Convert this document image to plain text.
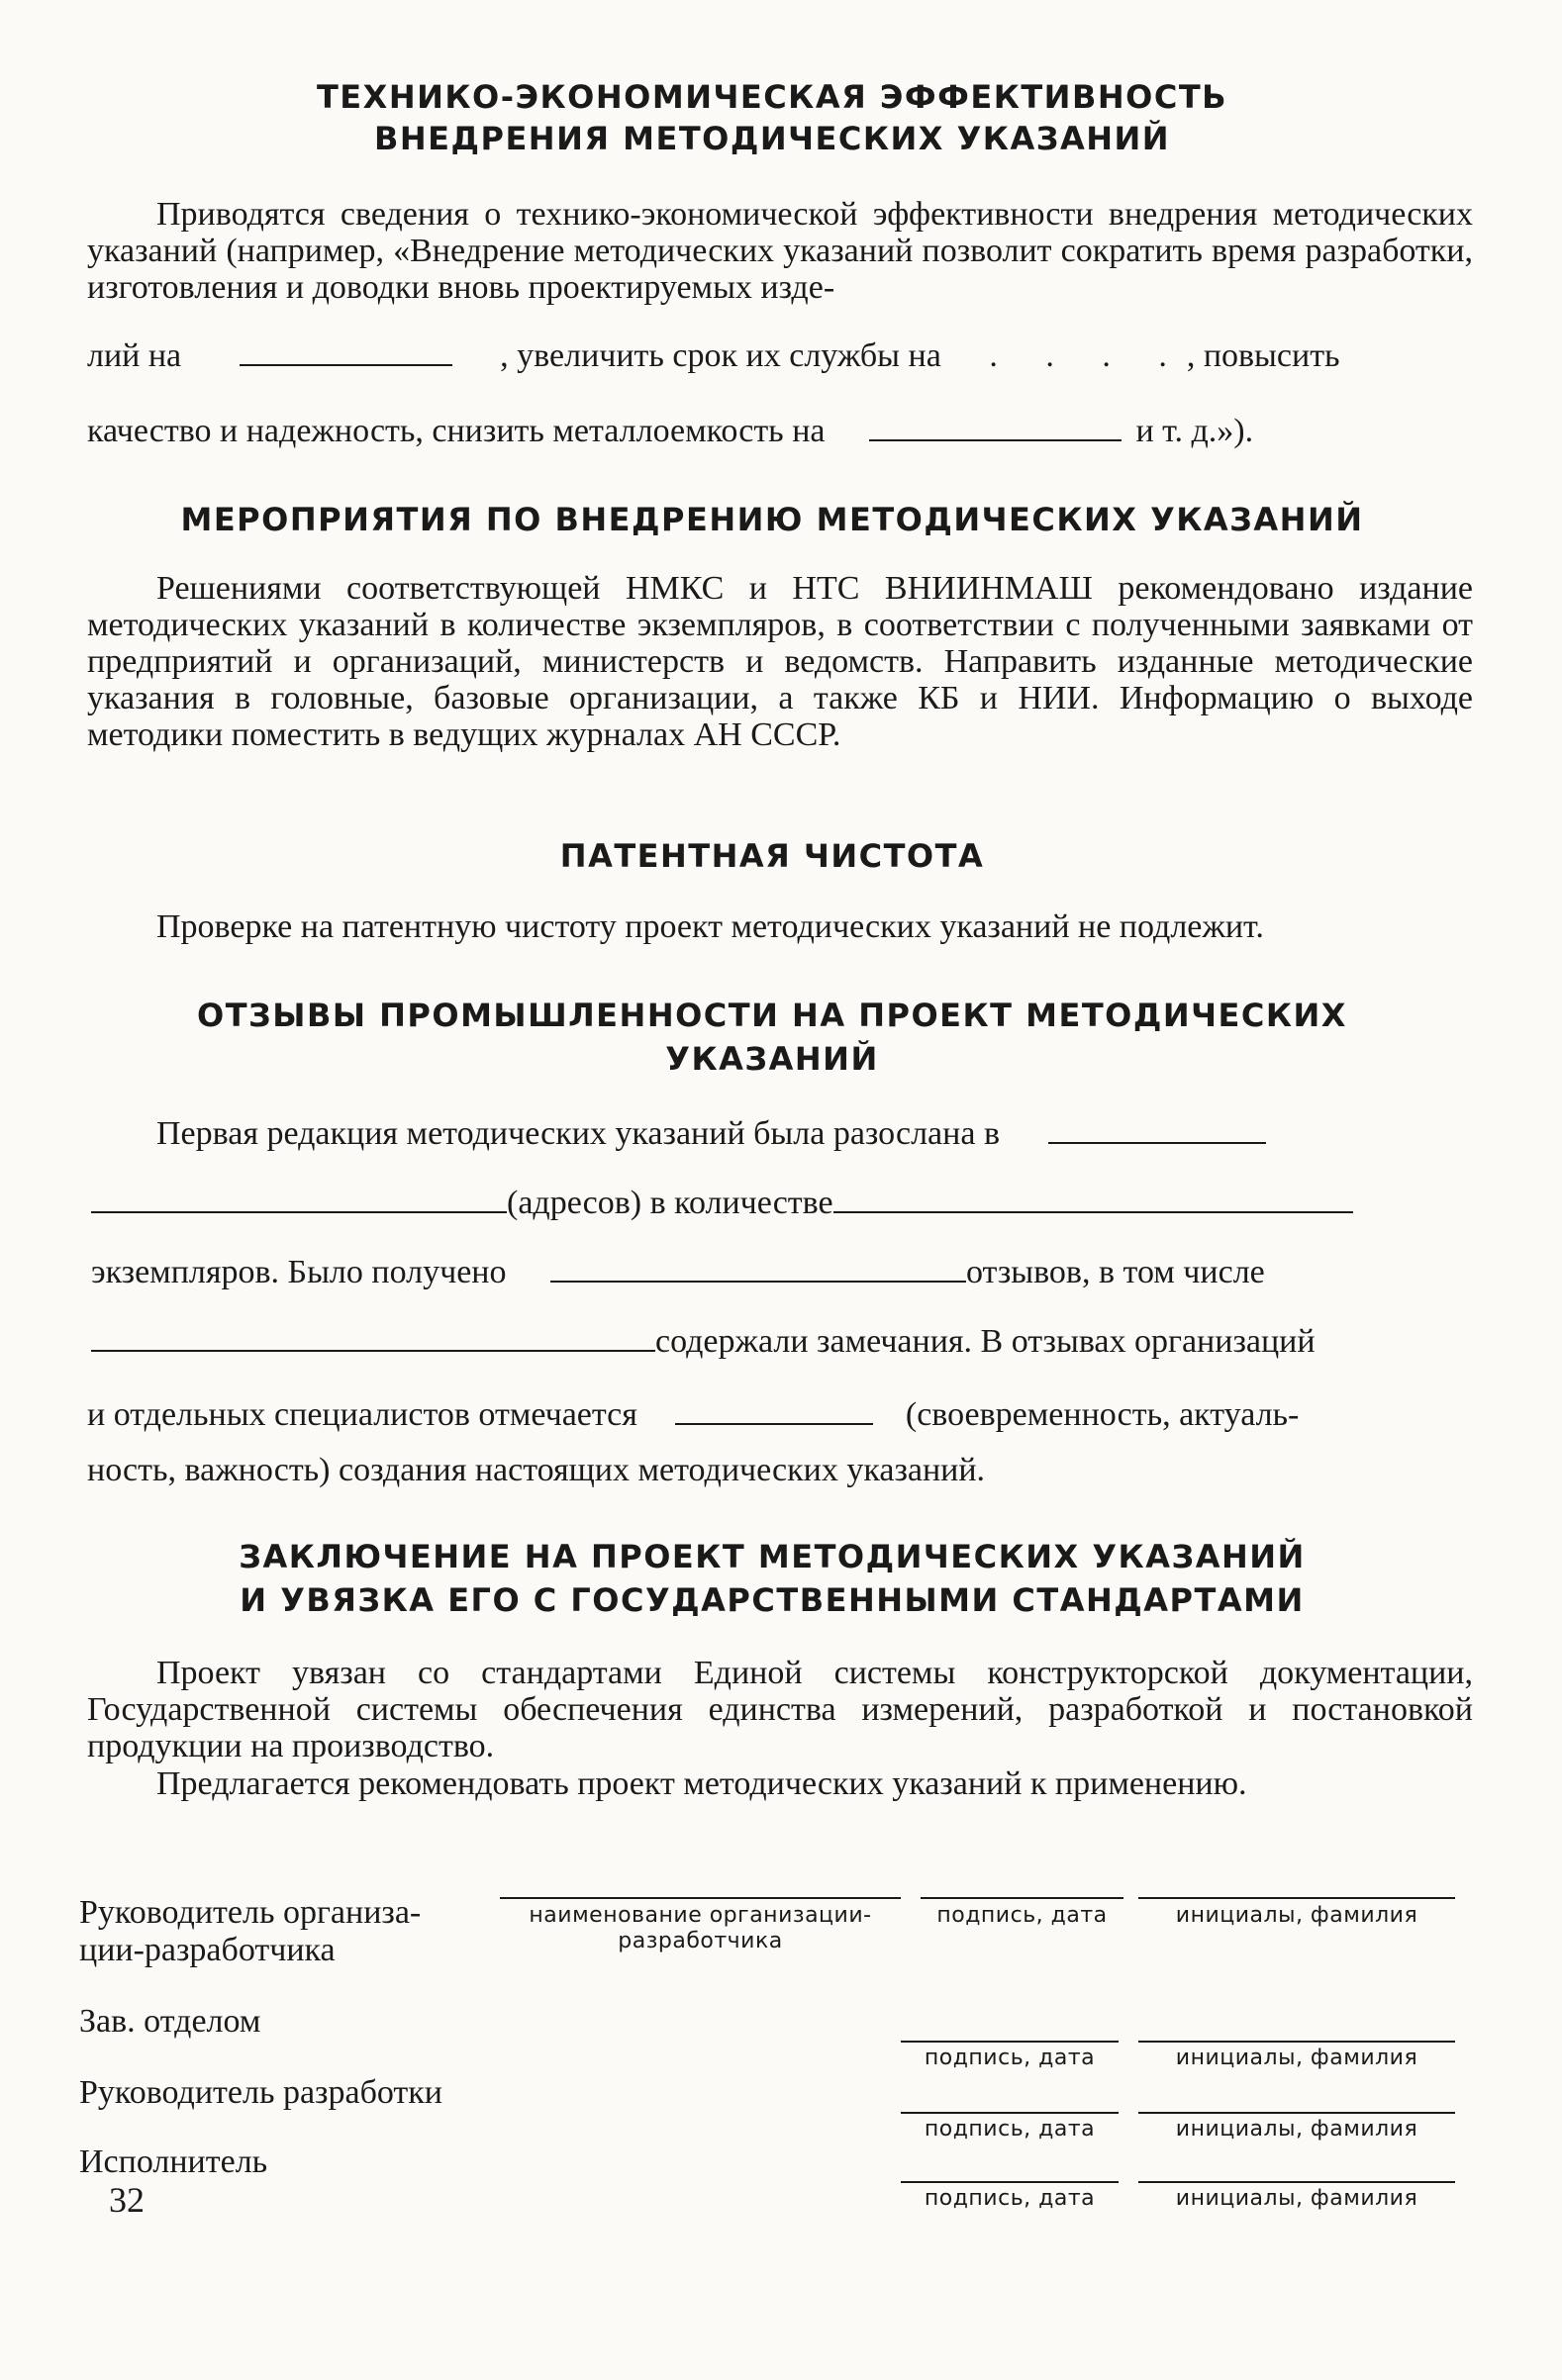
ТЕХНИКО-ЭКОНОМИЧЕСКАЯ ЭФФЕКТИВНОСТЬ
ВНЕДРЕНИЯ МЕТОДИЧЕСКИХ УКАЗАНИЙ

Приводятся сведения о технико-экономической эффективности внедрения методических указаний (например, «Внедрение методических указаний позволит сократить время разработки, изготовления и доводки вновь проектируемых изде-

лий на	, увеличить срок их службы на . . . ., повысить
качество и надежность, снизить металлоемкость на	и т. д.»).
МЕРОПРИЯТИЯ ПО ВНЕДРЕНИЮ МЕТОДИЧЕСКИХ УКАЗАНИЙ

Решениями соответствующей НМКС и НТС ВНИИНМАШ рекомендовано издание методических указаний в количестве экземпляров, в соответствии с полученными заявками от предприятий и организаций, министерств и ведомств. Направить изданные методические указания в головные, базовые организации, а также КБ и НИИ. Информацию о выходе методики поместить в ведущих журналах АН СССР.

ПАТЕНТНАЯ ЧИСТОТА

Проверке на патентную чистоту проект методических указаний не подлежит.

ОТЗЫВЫ ПРОМЫШЛЕННОСТИ НА ПРОЕКТ МЕТОДИЧЕСКИХ
УКАЗАНИЙ
Первая редакция методических указаний была разослана в
(адресов) в количестве
экземпляров. Было получено	отзывов, в том числе
содержали замечания. В отзывах организаций
и отдельных специалистов отмечается	(своевременность, актуаль-
ность, важность) создания настоящих методических указаний.
ЗАКЛЮЧЕНИЕ НА ПРОЕКТ МЕТОДИЧЕСКИХ УКАЗАНИЙ
И УВЯЗКА ЕГО С ГОСУДАРСТВЕННЫМИ СТАНДАРТАМИ

Проект увязан со стандартами Единой системы конструкторской документации, Государственной системы обеспечения единства измерений, разработкой и постановкой продукции на производство.

Предлагается рекомендовать проект методических указаний к применению.

Руководитель организа-
ции-разработчика
наименование организации-
разработчика
подпись, дата	инициалы, фамилия
Зав. отделом
подпись, дата	инициалы, фамилия
Руководитель разработки
подпись, дата	инициалы, фамилия
Исполнитель
подпись, дата	инициалы, фамилия
32
